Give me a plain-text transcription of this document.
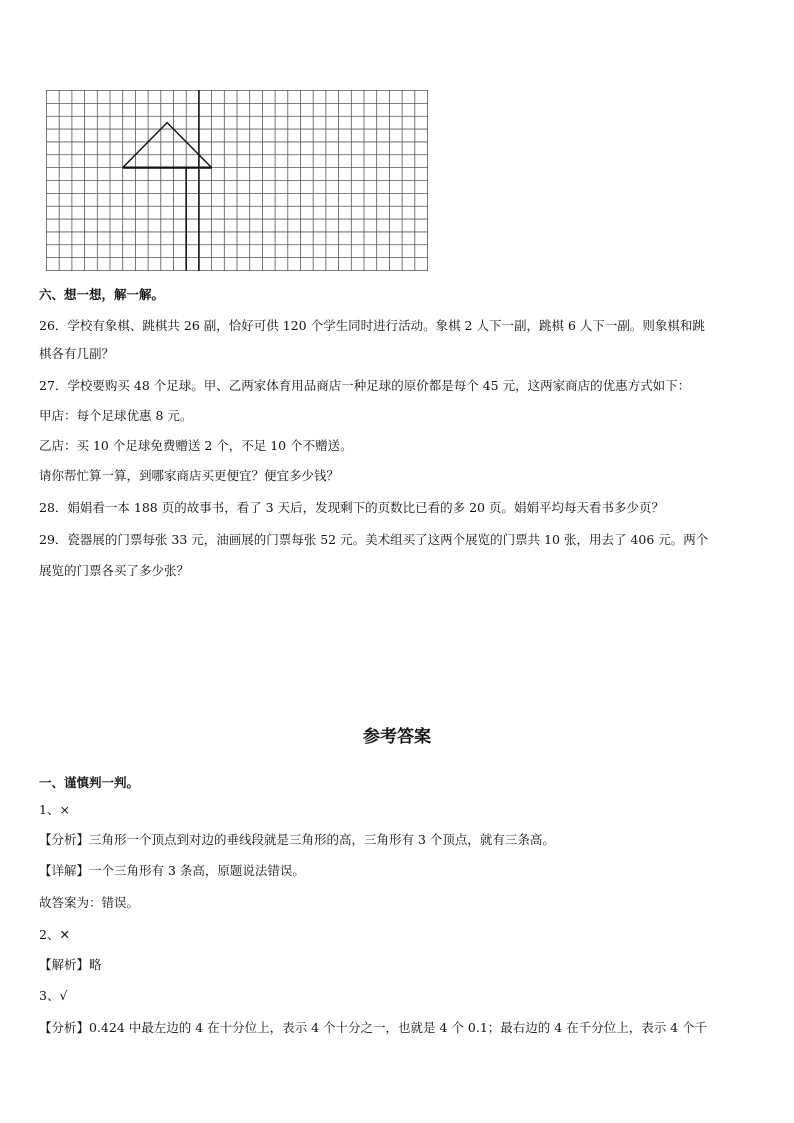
六、想一想，解一解。
26．学校有象棋、跳棋共 26 副，恰好可供 120 个学生同时进行活动。象棋 2 人下一副，跳棋 6 人下一副。则象棋和跳
棋各有几副？
27．学校要购买 48 个足球。甲、乙两家体育用品商店一种足球的原价都是每个 45 元，这两家商店的优惠方式如下：
甲店：每个足球优惠 8 元。
乙店：买 10 个足球免费赠送 2 个，不足 10 个不赠送。
请你帮忙算一算，到哪家商店买更便宜？便宜多少钱？
28．娟娟看一本 188 页的故事书，看了 3 天后，发现剩下的页数比已看的多 20 页。娟娟平均每天看书多少页？
29．瓷器展的门票每张 33 元，油画展的门票每张 52 元。美术组买了这两个展览的门票共 10 张，用去了 406 元。两个
展览的门票各买了多少张？
参考答案
一、谨慎判一判。
1、×
【分析】三角形一个顶点到对边的垂线段就是三角形的高，三角形有 3 个顶点，就有三条高。
【详解】一个三角形有 3 条高，原题说法错误。
故答案为：错误。
2、✕
【解析】略
3、√
【分析】0.424 中最左边的 4 在十分位上，表示 4 个十分之一，也就是 4 个 0.1；最右边的 4 在千分位上，表示 4 个千
